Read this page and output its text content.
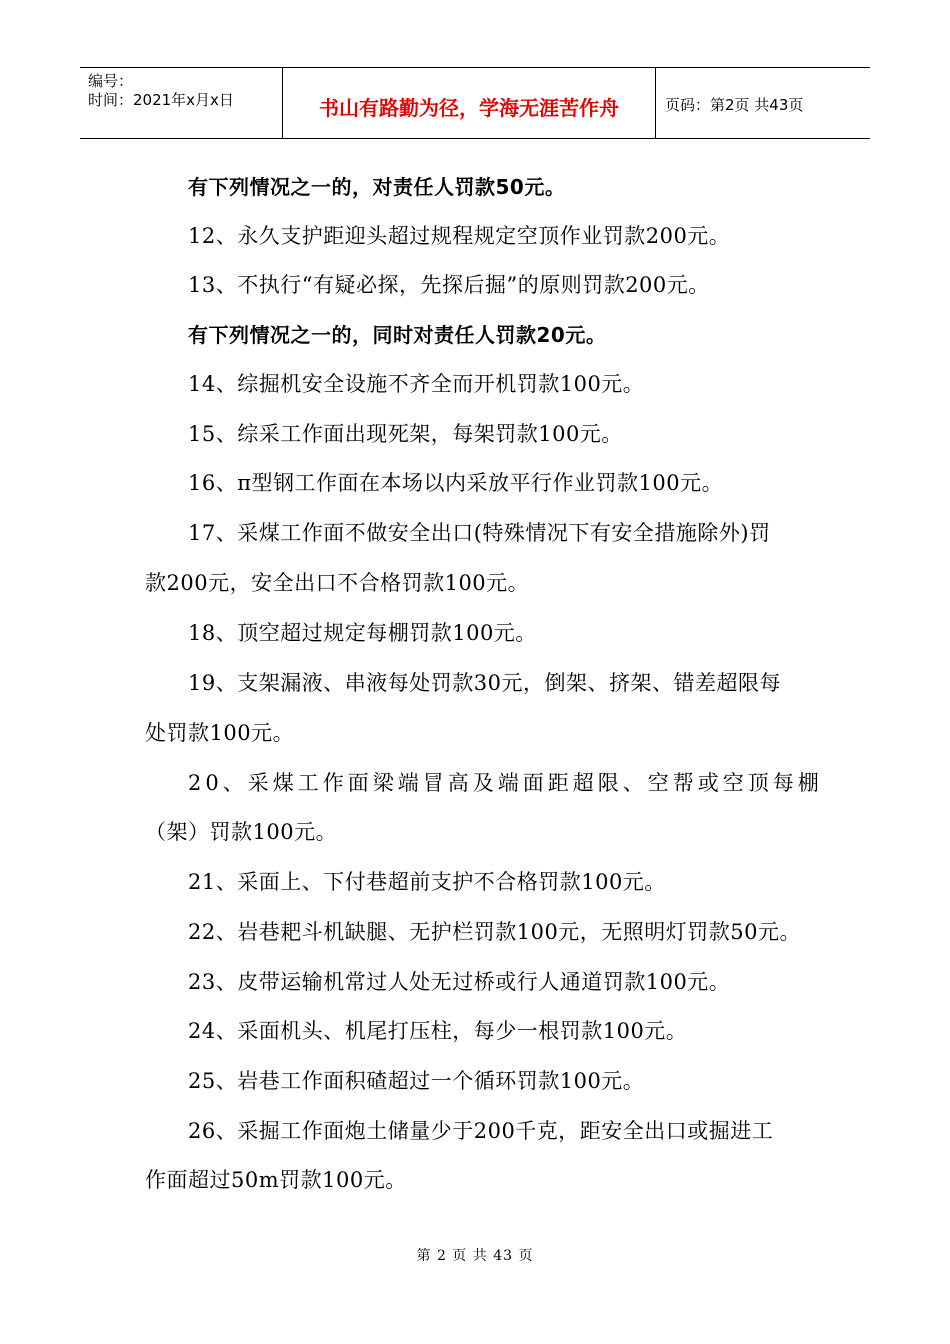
编号：
时间：2021年x月x日	书山有路勤为径，学海无涯苦作舟	页码：第2页 共43页
有下列情况之一的，对责任人罚款50元。
12、永久支护距迎头超过规程规定空顶作业罚款200元。
13、不执行“有疑必探，先探后掘”的原则罚款200元。
有下列情况之一的，同时对责任人罚款20元。
14、综掘机安全设施不齐全而开机罚款100元。
15、综采工作面出现死架，每架罚款100元。
16、π型钢工作面在本场以内采放平行作业罚款100元。
17、采煤工作面不做安全出口(特殊情况下有安全措施除外)罚
款200元，安全出口不合格罚款100元。
18、顶空超过规定每棚罚款100元。
19、支架漏液、串液每处罚款30元，倒架、挤架、错差超限每
处罚款100元。
20、采煤工作面梁端冒高及端面距超限、空帮或空顶每棚
（架）罚款100元。
21、采面上、下付巷超前支护不合格罚款100元。
22、岩巷耙斗机缺腿、无护栏罚款100元，无照明灯罚款50元。
23、皮带运输机常过人处无过桥或行人通道罚款100元。
24、采面机头、机尾打压柱，每少一根罚款100元。
25、岩巷工作面积碴超过一个循环罚款100元。
26、采掘工作面炮土储量少于200千克，距安全出口或掘进工
作面超过50m罚款100元。
第 2 页 共 43 页
